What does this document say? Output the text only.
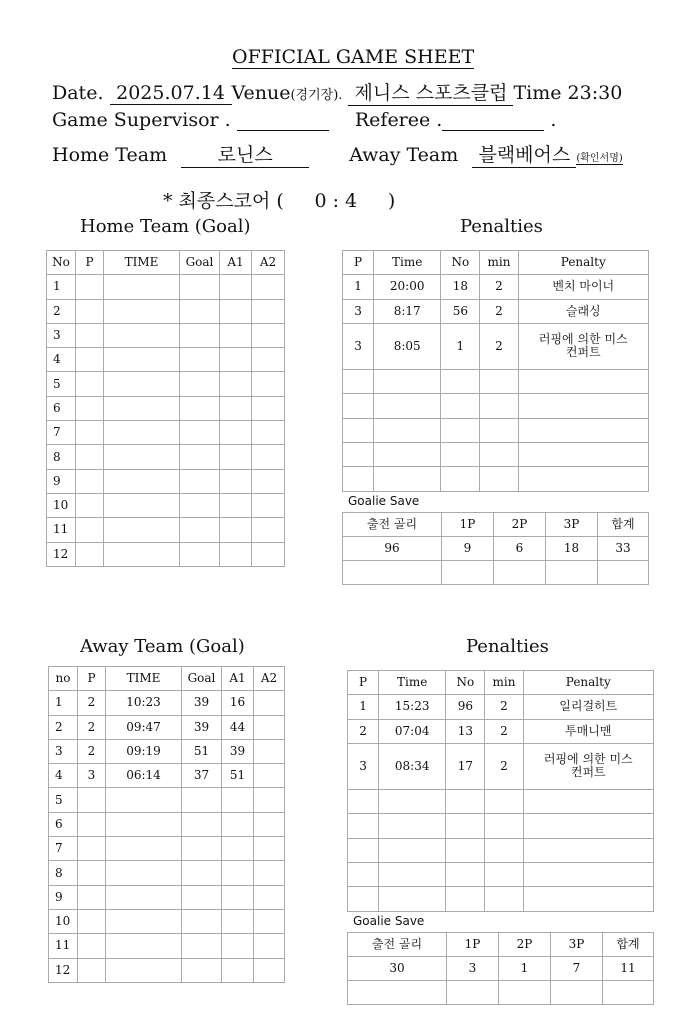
OFFICIAL GAME SHEET
Date. 2025.07.14 Venue(경기장). 제니스 스포츠클럽 Time 23:30
Game Supervisor .	Referee .	.
Home Team	로닌스	Away Team 블랙베어스 (확인서명)
* 최종스코어 ( 0 : 4 )
Home Team (Goal)	Penalties
No	P	TIME	Goal	A1	A2
1					
2					
3					
4					
5					
6					
7					
8					
9					
10					
11					
12					
P	Time	No	min	Penalty
1	20:00	18	2	벤치 마이너
3	8:17	56	2	슬래싱
3	8:05	1	2	러핑에 의한 미스
컨퍼트

Goalie Save
출전 골리	1P	2P	3P	합계
96	9	6	18	33

Away Team (Goal)	Penalties
no	P	TIME	Goal	A1	A2
1	2	10:23	39	16	
2	2	09:47	39	44	
3	2	09:19	51	39	
4	3	06:14	37	51	
5					
6					
7					
8					
9					
10					
11					
12					
P	Time	No	min	Penalty
1	15:23	96	2	일리걸히트
2	07:04	13	2	투매니맨
3	08:34	17	2	러핑에 의한 미스
컨퍼트

Goalie Save
출전 골리	1P	2P	3P	합계
30	3	1	7	11
